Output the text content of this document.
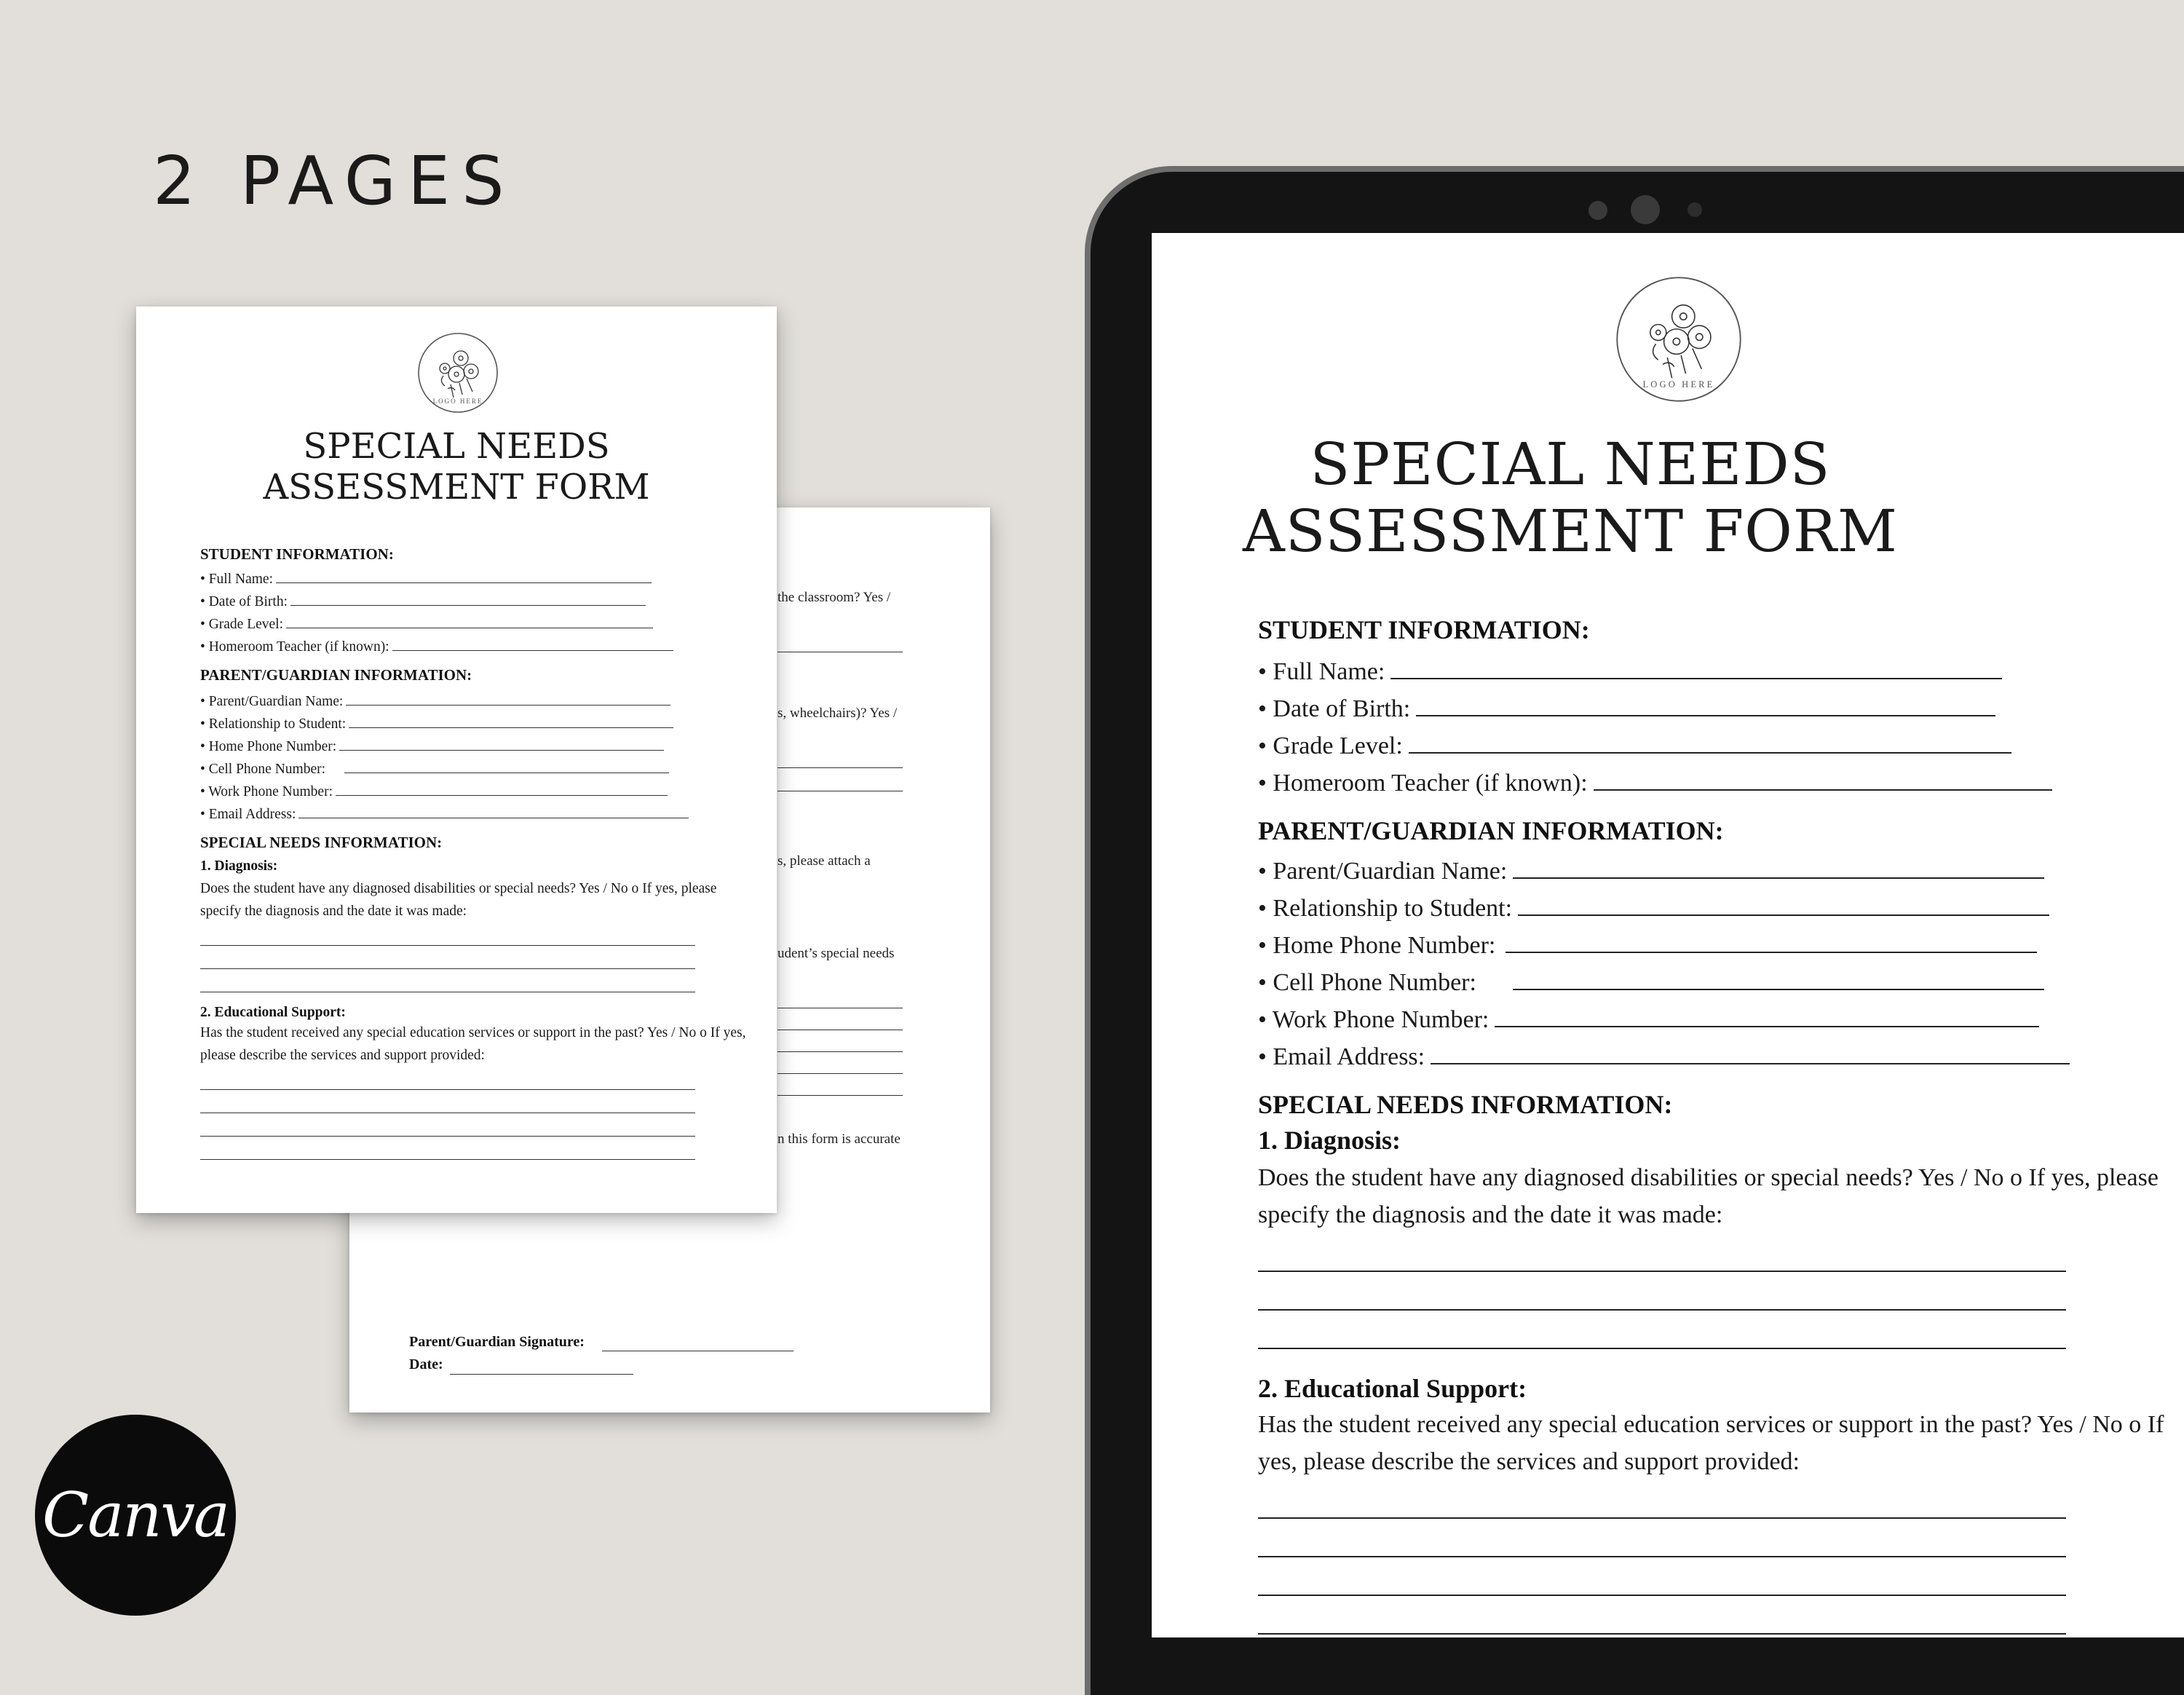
2 PAGES
the classroom? Yes /
s, wheelchairs)? Yes /
s, please attach a
udent’s special needs
n this form is accurate
Parent/Guardian Signature:
Date:
LOGO HERE
SPECIAL NEEDS
ASSESSMENT FORM
STUDENT INFORMATION:
• Full Name:
• Date of Birth:
• Grade Level:
• Homeroom Teacher (if known):
PARENT/GUARDIAN INFORMATION:
• Parent/Guardian Name:
• Relationship to Student:
• Home Phone Number:
• Cell Phone Number:
• Work Phone Number:
• Email Address:
SPECIAL NEEDS INFORMATION:
1. Diagnosis:
Does the student have any diagnosed disabilities or special needs? Yes / No o If yes, please specify the diagnosis and the date it was made:
2. Educational Support:
Has the student received any special education services or support in the past? Yes / No o If yes, please describe the services and support provided:
LOGO HERE
SPECIAL NEEDS
ASSESSMENT FORM
STUDENT INFORMATION:
• Full Name:
• Date of Birth:
• Grade Level:
• Homeroom Teacher (if known):
PARENT/GUARDIAN INFORMATION:
• Parent/Guardian Name:
• Relationship to Student:
• Home Phone Number:
• Cell Phone Number:
• Work Phone Number:
• Email Address:
SPECIAL NEEDS INFORMATION:
1. Diagnosis:
Does the student have any diagnosed disabilities or special needs? Yes / No o If yes, please specify the diagnosis and the date it was made:
2. Educational Support:
Has the student received any special education services or support in the past? Yes / No o If yes, please describe the services and support provided:
Canva
